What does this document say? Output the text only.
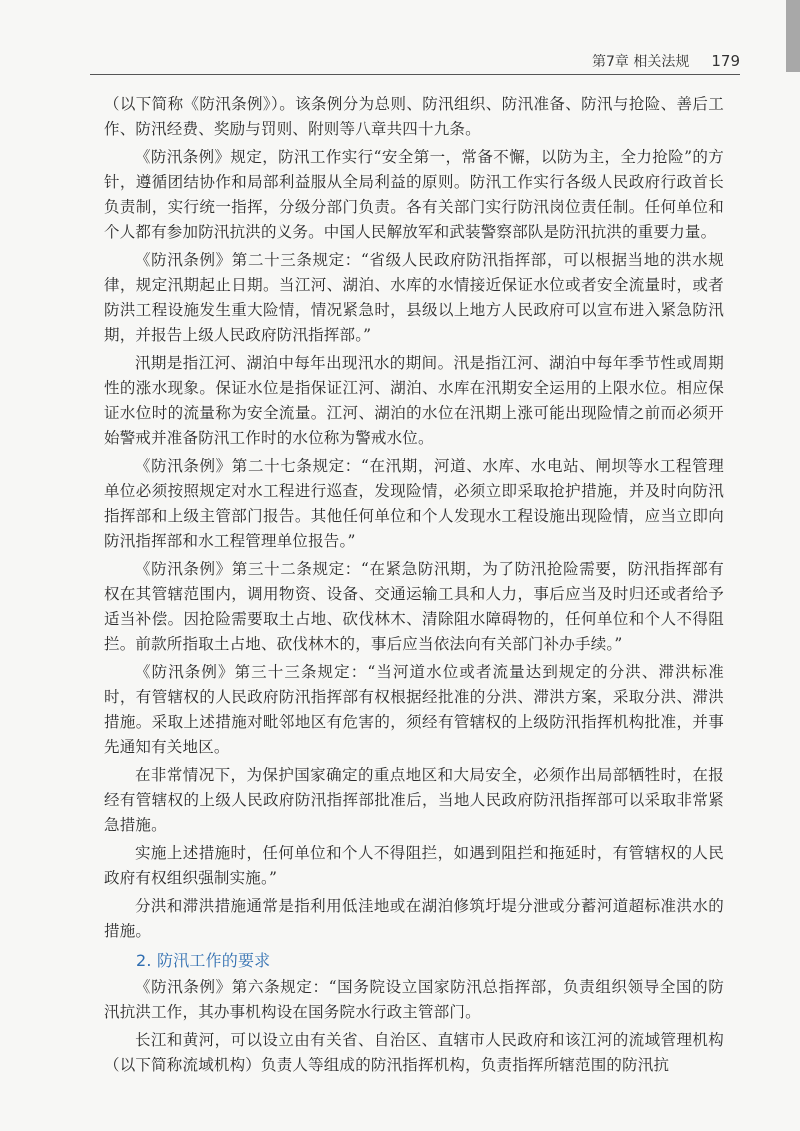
第7章 相关法规 179

（以下简称《防汛条例》）。该条例分为总则、防汛组织、防汛准备、防汛与抢险、善后工作、防汛经费、奖励与罚则、附则等八章共四十九条。

《防汛条例》规定，防汛工作实行“安全第一，常备不懈，以防为主，全力抢险”的方针，遵循团结协作和局部利益服从全局利益的原则。防汛工作实行各级人民政府行政首长负责制，实行统一指挥，分级分部门负责。各有关部门实行防汛岗位责任制。任何单位和个人都有参加防汛抗洪的义务。中国人民解放军和武装警察部队是防汛抗洪的重要力量。

《防汛条例》第二十三条规定：“省级人民政府防汛指挥部，可以根据当地的洪水规律，规定汛期起止日期。当江河、湖泊、水库的水情接近保证水位或者安全流量时，或者防洪工程设施发生重大险情，情况紧急时，县级以上地方人民政府可以宣布进入紧急防汛期，并报告上级人民政府防汛指挥部。”

汛期是指江河、湖泊中每年出现汛水的期间。汛是指江河、湖泊中每年季节性或周期性的涨水现象。保证水位是指保证江河、湖泊、水库在汛期安全运用的上限水位。相应保证水位时的流量称为安全流量。江河、湖泊的水位在汛期上涨可能出现险情之前而必须开始警戒并准备防汛工作时的水位称为警戒水位。

《防汛条例》第二十七条规定：“在汛期，河道、水库、水电站、闸坝等水工程管理单位必须按照规定对水工程进行巡查，发现险情，必须立即采取抢护措施，并及时向防汛指挥部和上级主管部门报告。其他任何单位和个人发现水工程设施出现险情，应当立即向防汛指挥部和水工程管理单位报告。”

《防汛条例》第三十二条规定：“在紧急防汛期，为了防汛抢险需要，防汛指挥部有权在其管辖范围内，调用物资、设备、交通运输工具和人力，事后应当及时归还或者给予适当补偿。因抢险需要取土占地、砍伐林木、清除阻水障碍物的，任何单位和个人不得阻拦。前款所指取土占地、砍伐林木的，事后应当依法向有关部门补办手续。”

《防汛条例》第三十三条规定：“当河道水位或者流量达到规定的分洪、滞洪标准时，有管辖权的人民政府防汛指挥部有权根据经批准的分洪、滞洪方案，采取分洪、滞洪措施。采取上述措施对毗邻地区有危害的，须经有管辖权的上级防汛指挥机构批准，并事先通知有关地区。

在非常情况下，为保护国家确定的重点地区和大局安全，必须作出局部牺牲时，在报经有管辖权的上级人民政府防汛指挥部批准后，当地人民政府防汛指挥部可以采取非常紧急措施。

实施上述措施时，任何单位和个人不得阻拦，如遇到阻拦和拖延时，有管辖权的人民政府有权组织强制实施。”

分洪和滞洪措施通常是指利用低洼地或在湖泊修筑圩堤分泄或分蓄河道超标准洪水的措施。

2. 防汛工作的要求

《防汛条例》第六条规定：“国务院设立国家防汛总指挥部，负责组织领导全国的防汛抗洪工作，其办事机构设在国务院水行政主管部门。

长江和黄河，可以设立由有关省、自治区、直辖市人民政府和该江河的流域管理机构（以下简称流域机构）负责人等组成的防汛指挥机构，负责指挥所辖范围的防汛抗
